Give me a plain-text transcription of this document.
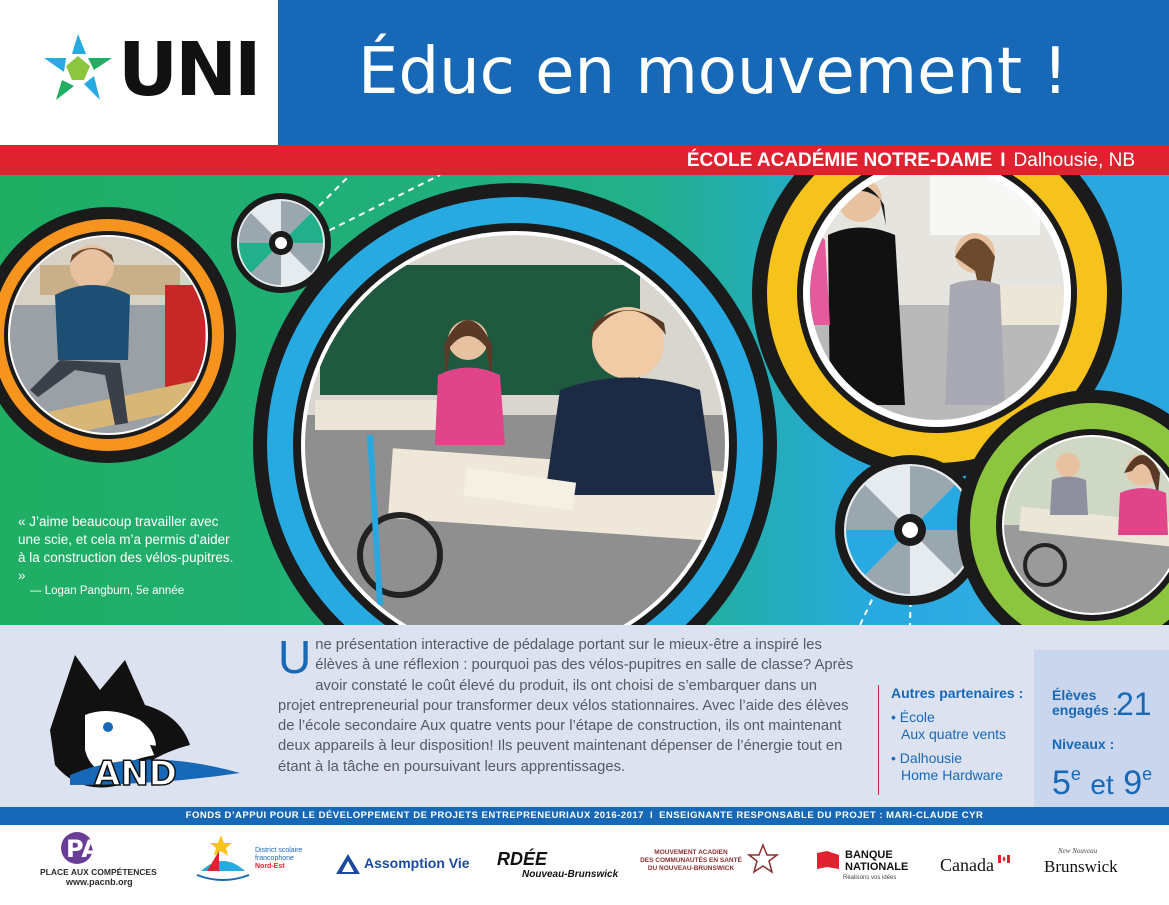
UNI Éduc en mouvement !
ÉCOLE ACADÉMIE NOTRE-DAME I Dalhousie, NB
« J’aime beaucoup travailler avec une scie, et cela m’a permis d’aider à la construction des vélos-pupitres. »
— Logan Pangburn, 5e année
AND
Une présentation interactive de pédalage portant sur le mieux-être a inspiré les élèves à une réflexion : pourquoi pas des vélos-pupitres en salle de classe? Après avoir constaté le coût élevé du produit, ils ont choisi de s’embarquer dans un projet entrepreneurial pour transformer deux vélos stationnaires. Avec l’aide des élèves de l’école secondaire Aux quatre vents pour l’étape de construction, ils ont maintenant deux appareils à leur disposition! Ils peuvent maintenant dépenser de l’énergie tout en étant à la tâche en poursuivant leurs apprentissages.
Autres partenaires :
• École
Aux quatre vents
• Dalhousie
Home Hardware
Élèves
engagés :
21
Niveaux :
5e et 9e
FONDS D’APPUI POUR LE DÉVELOPPEMENT DE PROJETS ENTREPRENEURIAUX 2016-2017 I ENSEIGNANTE RESPONSABLE DU PROJET : MARI-CLAUDE CYR
PAC
PLACE AUX COMPÉTENCES
www.pacnb.org
District scolaire
francophone
Nord-Est	Assomption Vie RDÉE
Nouveau-Brunswick
MOUVEMENT ACADIEN
DES COMMUNAUTÉS EN SANTÉ
DU NOUVEAU-BRUNSWICK
BANQUE
NATIONALE
Réalisons vos idées
Canada
New Nouveau
Brunswick
